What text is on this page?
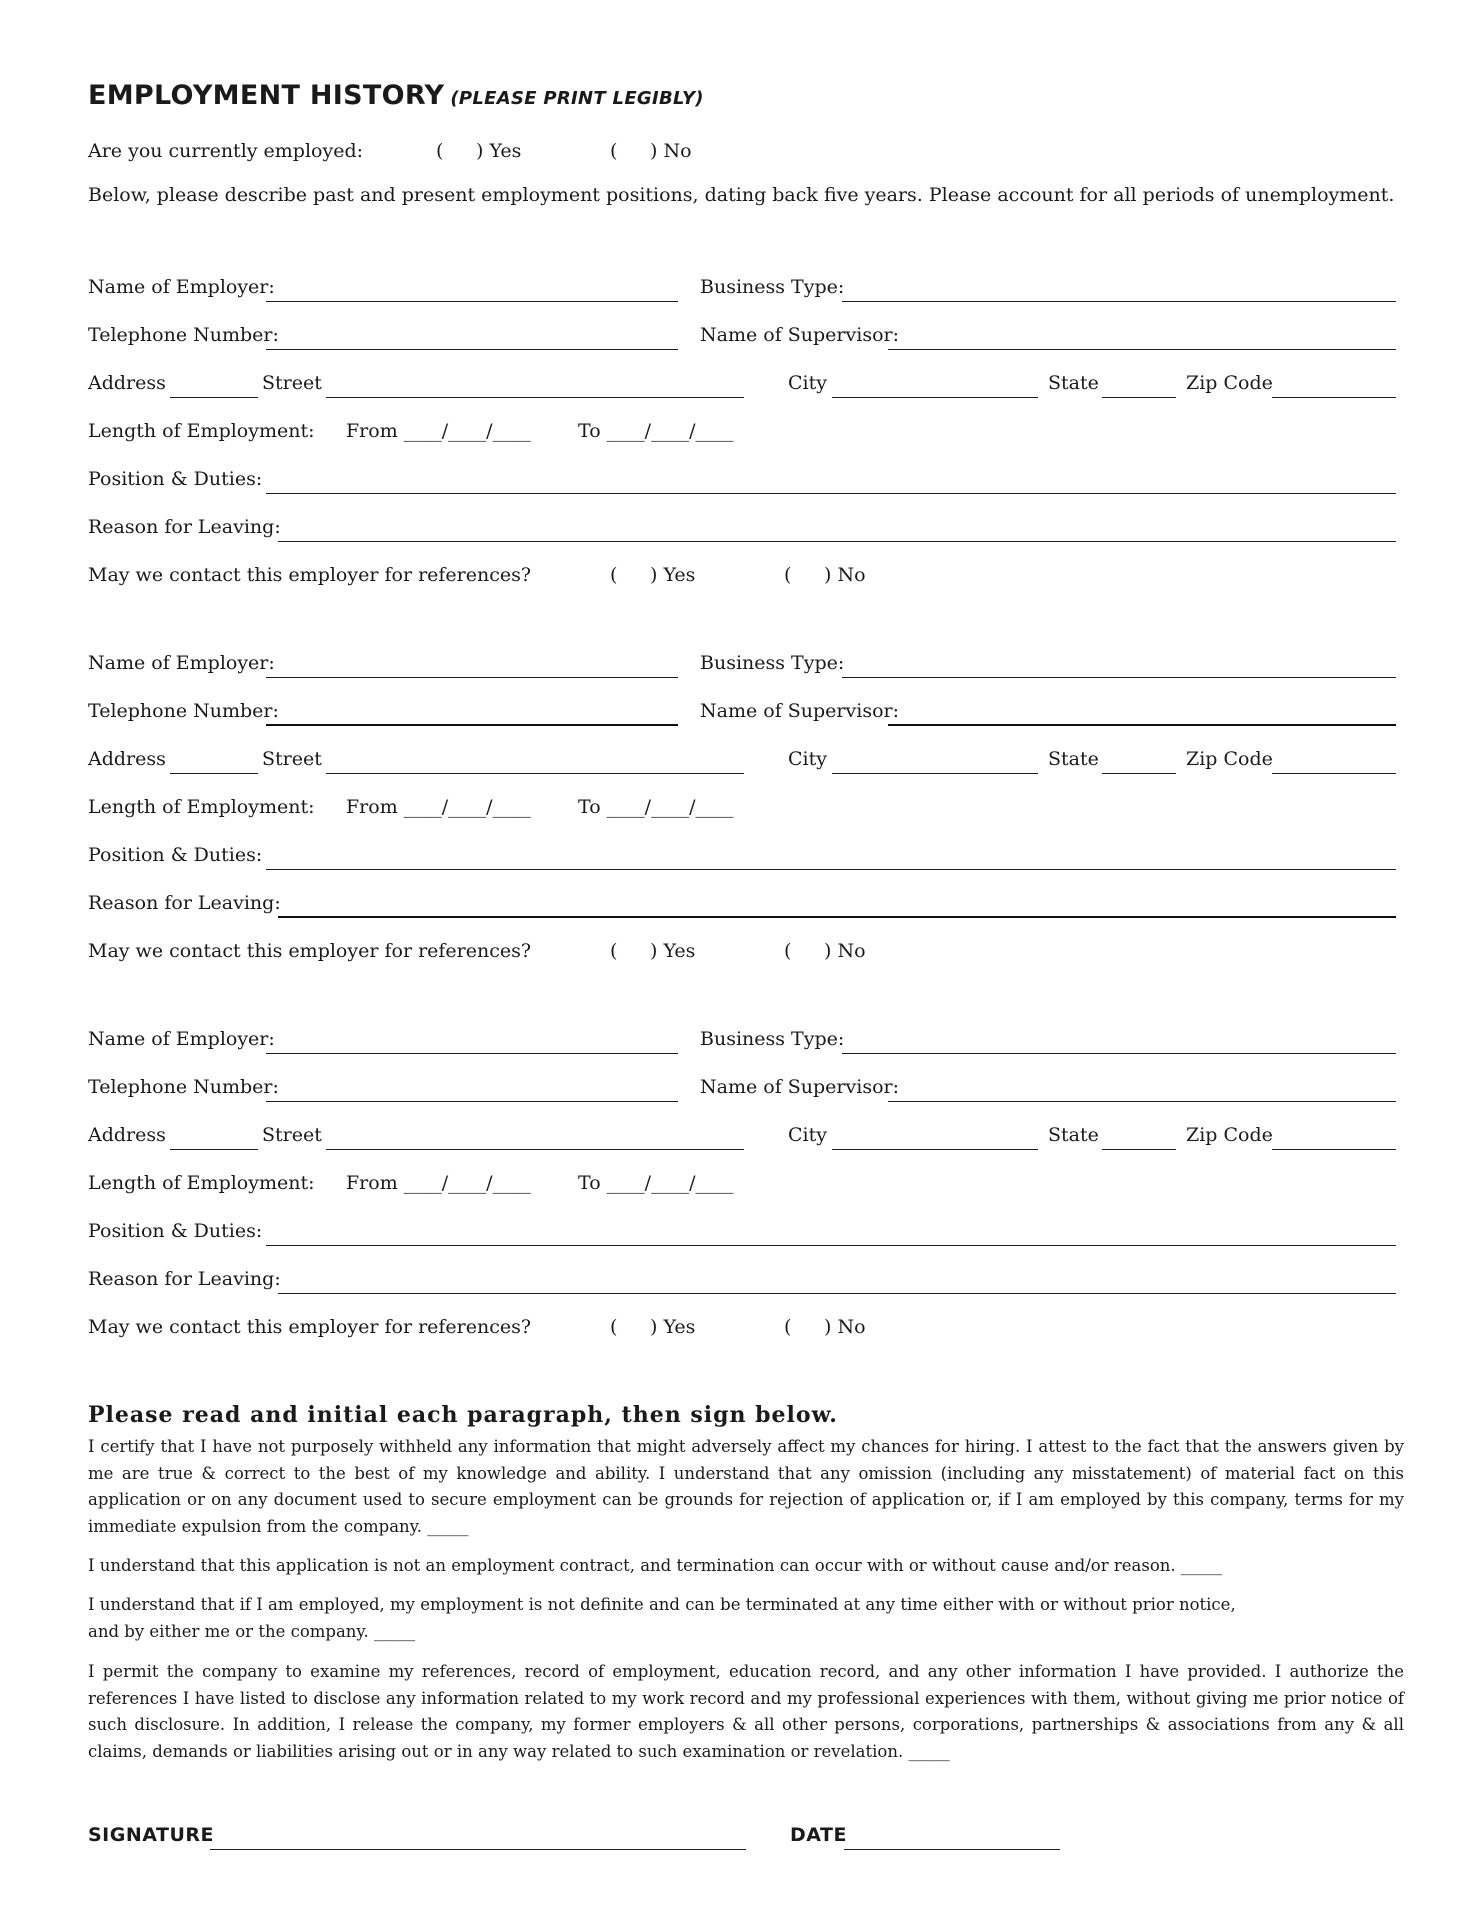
EMPLOYMENT HISTORY (PLEASE PRINT LEGIBLY)
Are you currently employed:	( ) Yes	( ) No
Below, please describe past and present employment positions, dating back five years. Please account for all periods of unemployment.
Name of Employer:	Business Type:
Telephone Number:	Name of Supervisor:
Address	Street	City	State	Zip Code
Length of Employment: From ____/____/____ To ____/____/____
Position & Duties:
Reason for Leaving:
May we contact this employer for references?	( ) Yes	( ) No
Name of Employer:	Business Type:
Telephone Number:	Name of Supervisor:
Address	Street	City	State	Zip Code
Length of Employment: From ____/____/____ To ____/____/____
Position & Duties:
Reason for Leaving:
May we contact this employer for references?	( ) Yes	( ) No
Name of Employer:	Business Type:
Telephone Number:	Name of Supervisor:
Address	Street	City	State	Zip Code
Length of Employment: From ____/____/____ To ____/____/____
Position & Duties:
Reason for Leaving:
May we contact this employer for references?	( ) Yes	( ) No
Please read and initial each paragraph, then sign below.

I certify that I have not purposely withheld any information that might adversely affect my chances for hiring. I attest to the fact that the answers given by me are true & correct to the best of my knowledge and ability. I understand that any omission (including any misstatement) of material fact on this application or on any document used to secure employment can be grounds for rejection of application or, if I am employed by this company, terms for my immediate expulsion from the company. _____

I understand that this application is not an employment contract, and termination can occur with or without cause and/or reason. _____

I understand that if I am employed, my employment is not definite and can be terminated at any time either with or without prior notice,

and by either me or the company. _____

I permit the company to examine my references, record of employment, education record, and any other information I have provided. I authorize the references I have listed to disclose any information related to my work record and my professional experiences with them, without giving me prior notice of such disclosure. In addition, I release the company, my former employers & all other persons, corporations, partnerships & associations from any & all claims, demands or liabilities arising out or in any way related to such examination or revelation. _____

SIGNATURE	DATE
